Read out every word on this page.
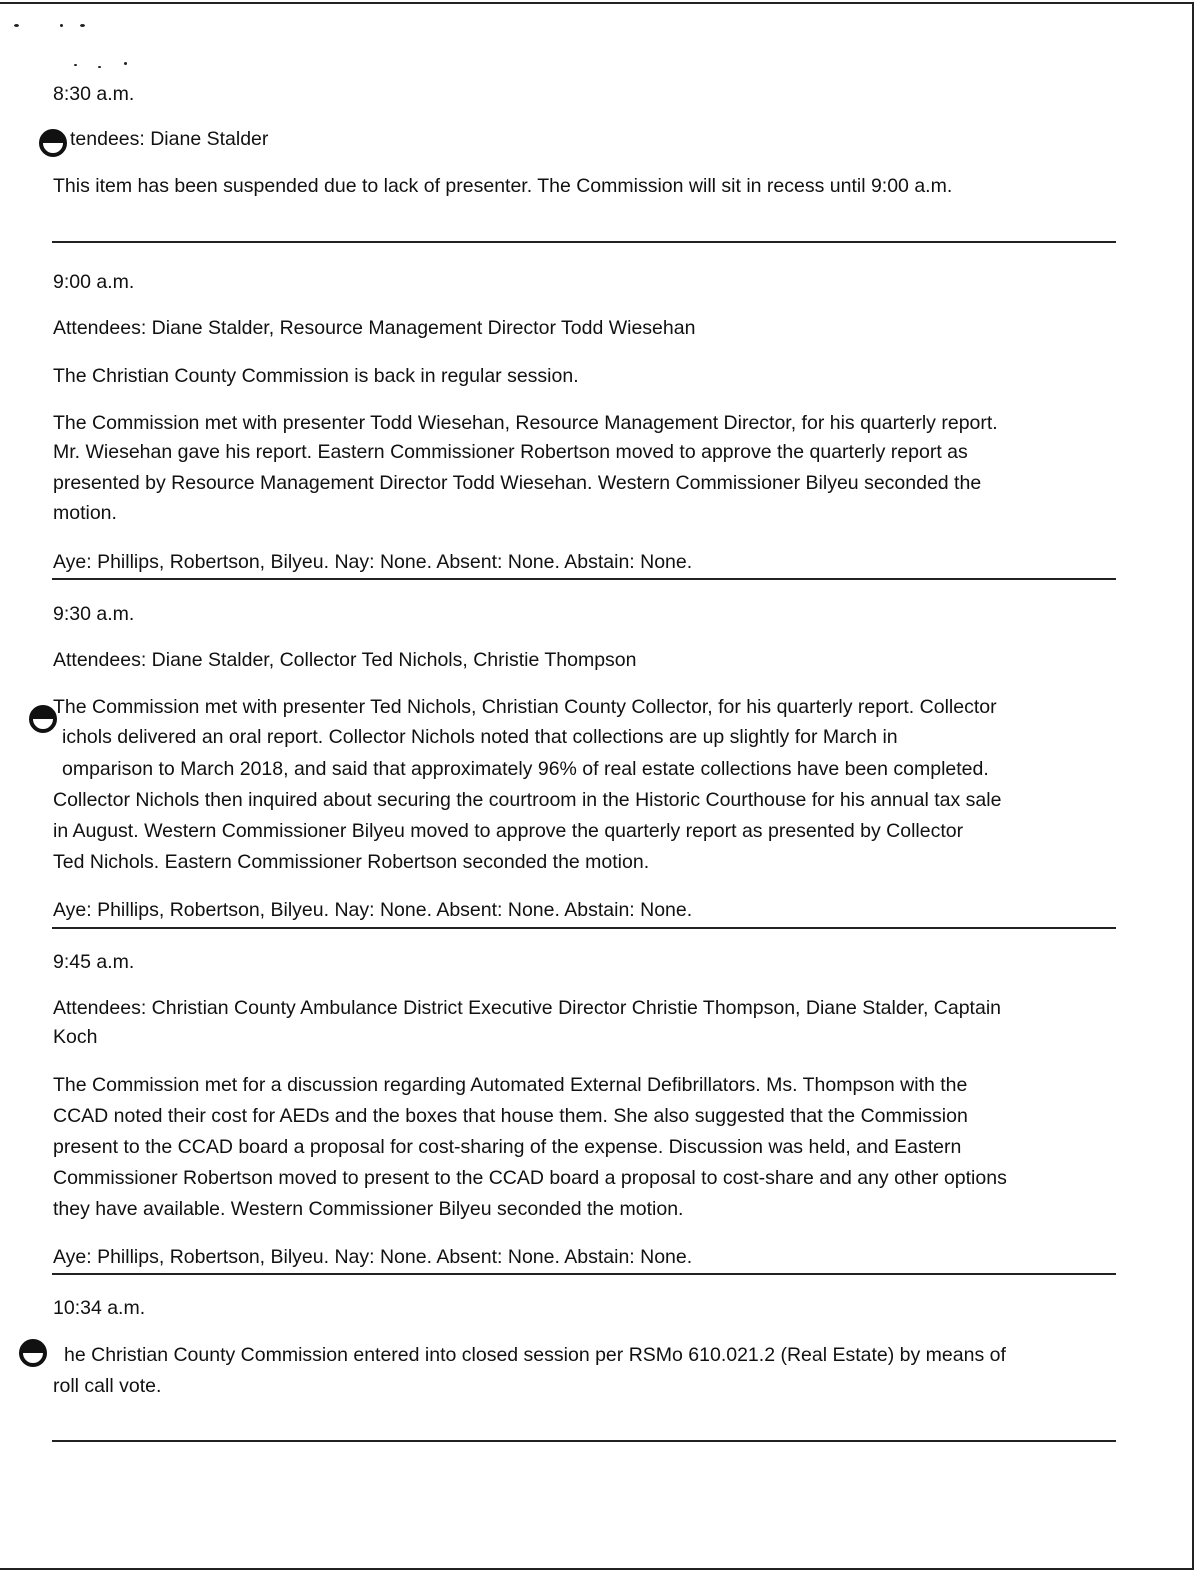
8:30 a.m.
tendees: Diane Stalder
This item has been suspended due to lack of presenter. The Commission will sit in recess until 9:00 a.m.
9:00 a.m.
Attendees: Diane Stalder, Resource Management Director Todd Wiesehan
The Christian County Commission is back in regular session.
The Commission met with presenter Todd Wiesehan, Resource Management Director, for his quarterly report.
Mr. Wiesehan gave his report. Eastern Commissioner Robertson moved to approve the quarterly report as
presented by Resource Management Director Todd Wiesehan. Western Commissioner Bilyeu seconded the
motion.
Aye: Phillips, Robertson, Bilyeu. Nay: None. Absent: None. Abstain: None.
9:30 a.m.
Attendees: Diane Stalder, Collector Ted Nichols, Christie Thompson
The Commission met with presenter Ted Nichols, Christian County Collector, for his quarterly report. Collector
ichols delivered an oral report. Collector Nichols noted that collections are up slightly for March in
omparison to March 2018, and said that approximately 96% of real estate collections have been completed.
Collector Nichols then inquired about securing the courtroom in the Historic Courthouse for his annual tax sale
in August. Western Commissioner Bilyeu moved to approve the quarterly report as presented by Collector
Ted Nichols. Eastern Commissioner Robertson seconded the motion.
Aye: Phillips, Robertson, Bilyeu. Nay: None. Absent: None. Abstain: None.
9:45 a.m.
Attendees: Christian County Ambulance District Executive Director Christie Thompson, Diane Stalder, Captain
Koch
The Commission met for a discussion regarding Automated External Defibrillators. Ms. Thompson with the
CCAD noted their cost for AEDs and the boxes that house them. She also suggested that the Commission
present to the CCAD board a proposal for cost-sharing of the expense. Discussion was held, and Eastern
Commissioner Robertson moved to present to the CCAD board a proposal to cost-share and any other options
they have available. Western Commissioner Bilyeu seconded the motion.
Aye: Phillips, Robertson, Bilyeu. Nay: None. Absent: None. Abstain: None.
10:34 a.m.
he Christian County Commission entered into closed session per RSMo 610.021.2 (Real Estate) by means of
roll call vote.
